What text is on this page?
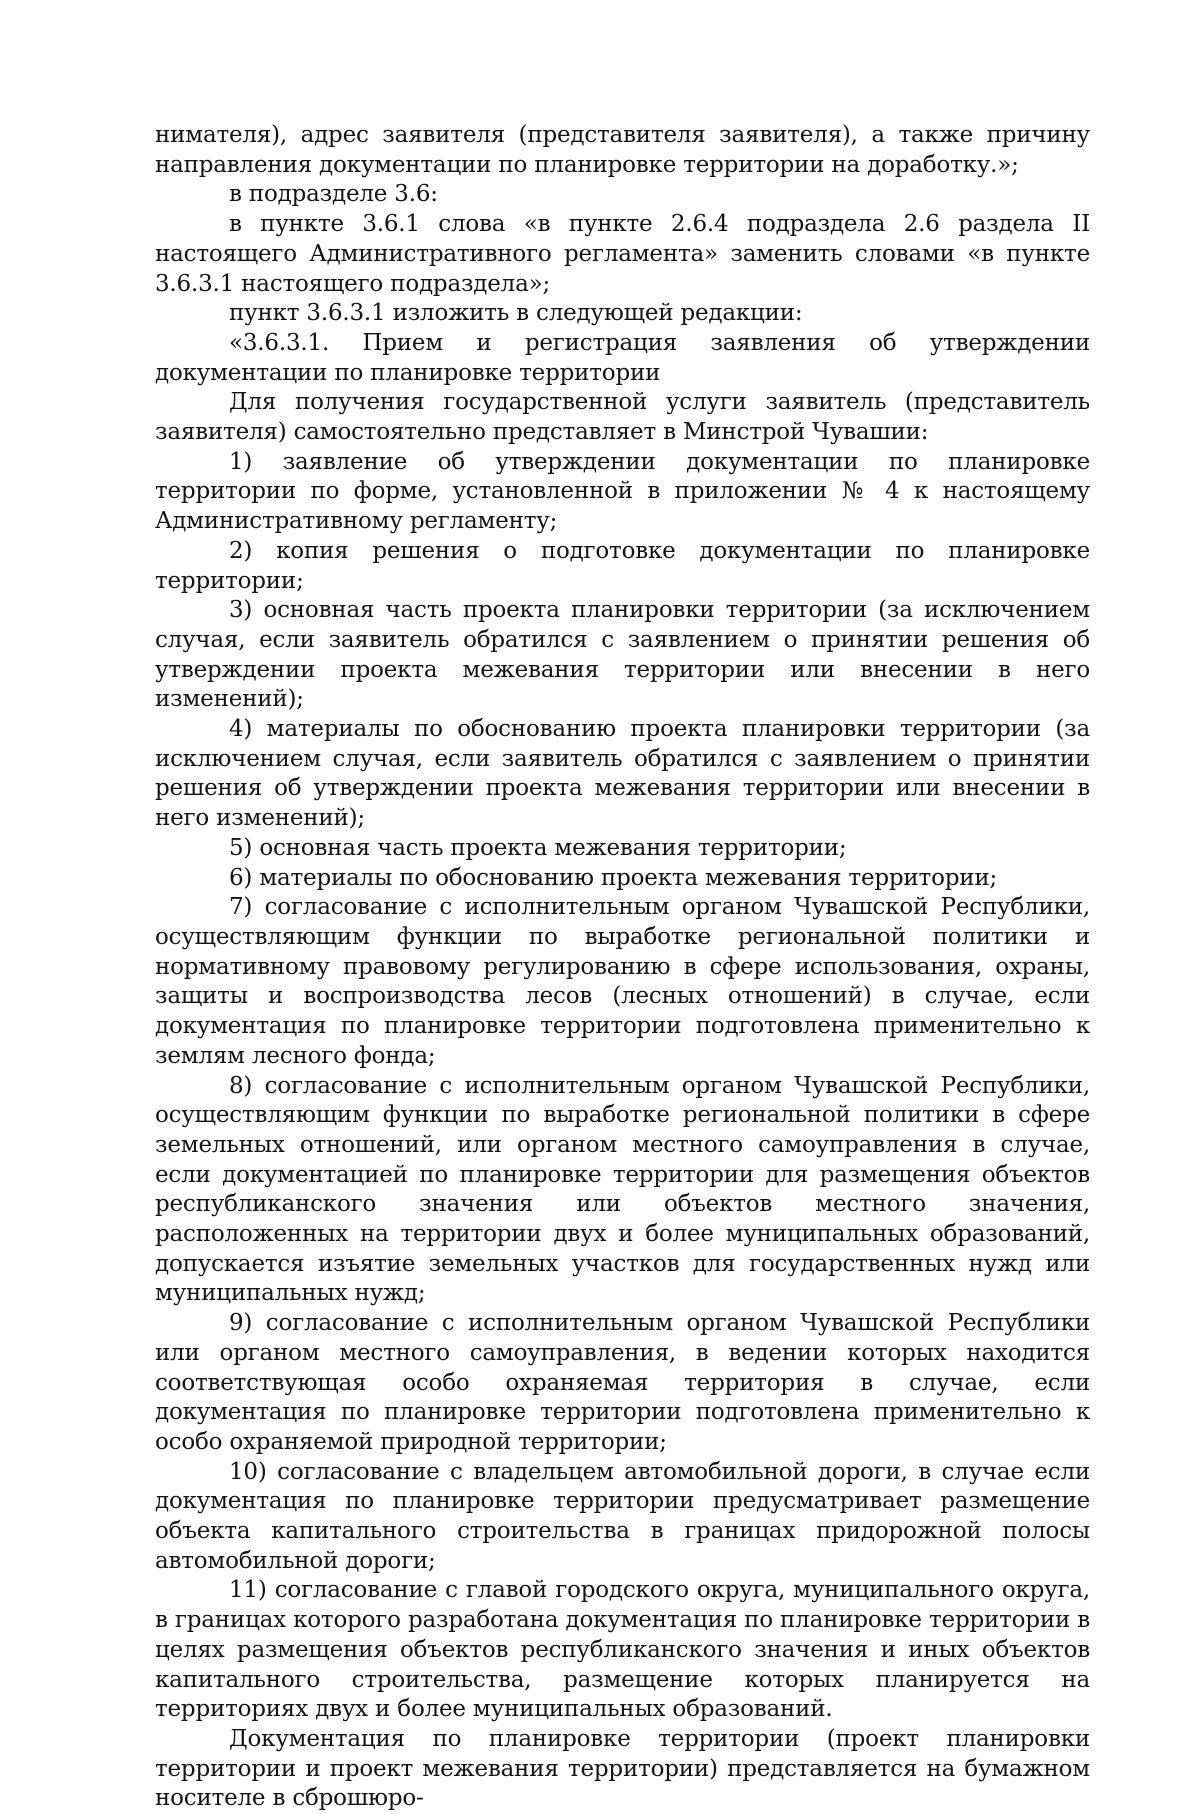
нимателя), адрес заявителя (представителя заявителя), а также причину направления документации по планировке территории на доработку.»;

в подразделе 3.6:

в пункте 3.6.1 слова «в пункте 2.6.4 подраздела 2.6 раздела II настоящего Административного регламента» заменить словами «в пункте 3.6.3.1 настоящего подраздела»;

пункт 3.6.3.1 изложить в следующей редакции:

«3.6.3.1. Прием и регистрация заявления об утверждении документации по планировке территории

Для получения государственной услуги заявитель (представитель заявителя) самостоятельно представляет в Минстрой Чувашии:

1) заявление об утверждении документации по планировке территории по форме, установленной в приложении № 4 к настоящему Административному регламенту;

2) копия решения о подготовке документации по планировке территории;

3) основная часть проекта планировки территории (за исключением случая, если заявитель обратился с заявлением о принятии решения об утверждении проекта межевания территории или внесении в него изменений);

4) материалы по обоснованию проекта планировки территории (за исключением случая, если заявитель обратился с заявлением о принятии решения об утверждении проекта межевания территории или внесении в него изменений);

5) основная часть проекта межевания территории;

6) материалы по обоснованию проекта межевания территории;

7) согласование с исполнительным органом Чувашской Республики, осуществляющим функции по выработке региональной политики и нормативному правовому регулированию в сфере использования, охраны, защиты и воспроизводства лесов (лесных отношений) в случае, если документация по планировке территории подготовлена применительно к землям лесного фонда;

8) согласование с исполнительным органом Чувашской Республики, осуществляющим функции по выработке региональной политики в сфере земельных отношений, или органом местного самоуправления в случае, если документацией по планировке территории для размещения объектов республиканского значения или объектов местного значения, расположенных на территории двух и более муниципальных образований, допускается изъятие земельных участков для государственных нужд или муниципальных нужд;

9) согласование с исполнительным органом Чувашской Республики или органом местного самоуправления, в ведении которых находится соответствующая особо охраняемая территория в случае, если документация по планировке территории подготовлена применительно к особо охраняемой природной территории;

10) согласование с владельцем автомобильной дороги, в случае если документация по планировке территории предусматривает размещение объекта капитального строительства в границах придорожной полосы автомобильной дороги;

11) согласование с главой городского округа, муниципального округа, в границах которого разработана документация по планировке территории в целях размещения объектов республиканского значения и иных объектов капитального строительства, размещение которых планируется на территориях двух и более муниципальных образований.

Документация по планировке территории (проект планировки территории и проект межевания территории) представляется на бумажном носителе в сброшюро-
